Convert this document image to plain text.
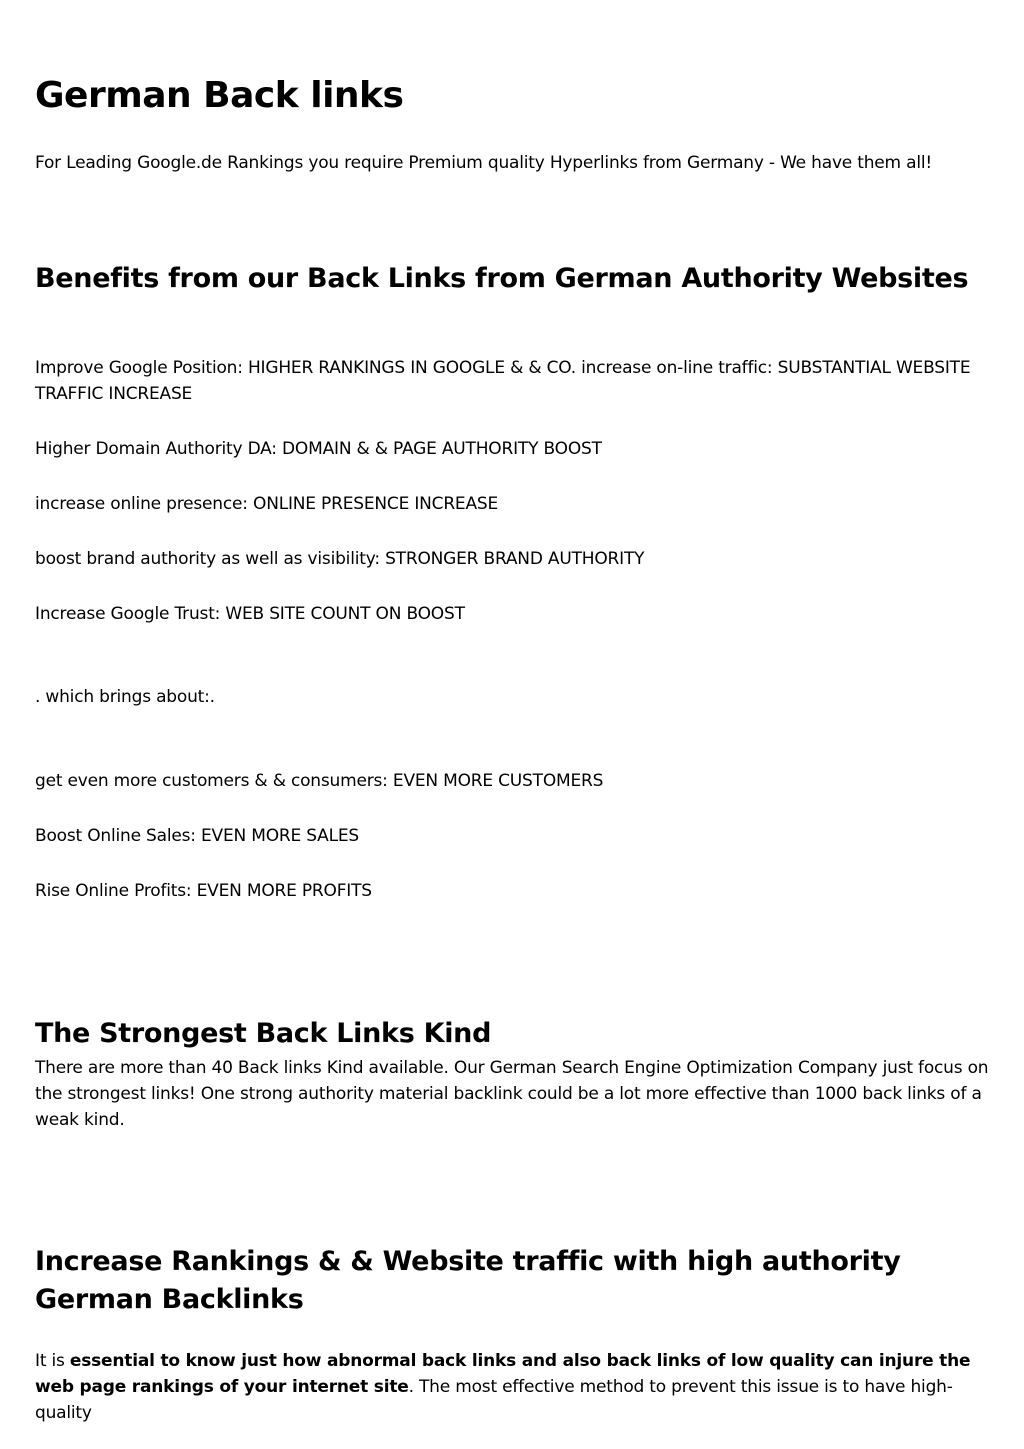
German Back links

For Leading Google.de Rankings you require Premium quality Hyperlinks from Germany - We have them all!

Benefits from our Back Links from German Authority Websites

Improve Google Position: HIGHER RANKINGS IN GOOGLE & & CO. increase on-line traffic: SUBSTANTIAL WEBSITE TRAFFIC INCREASE

Higher Domain Authority DA: DOMAIN & & PAGE AUTHORITY BOOST

increase online presence: ONLINE PRESENCE INCREASE

boost brand authority as well as visibility: STRONGER BRAND AUTHORITY

Increase Google Trust: WEB SITE COUNT ON BOOST

. which brings about:.

get even more customers & & consumers: EVEN MORE CUSTOMERS

Boost Online Sales: EVEN MORE SALES

Rise Online Profits: EVEN MORE PROFITS

The Strongest Back Links Kind

There are more than 40 Back links Kind available. Our German Search Engine Optimization Company just focus on the strongest links! One strong authority material backlink could be a lot more effective than 1000 back links of a weak kind.

Increase Rankings & & Website traffic with high authority German Backlinks

It is essential to know just how abnormal back links and also back links of low quality can injure the web page rankings of your internet site. The most effective method to prevent this issue is to have high-quality
